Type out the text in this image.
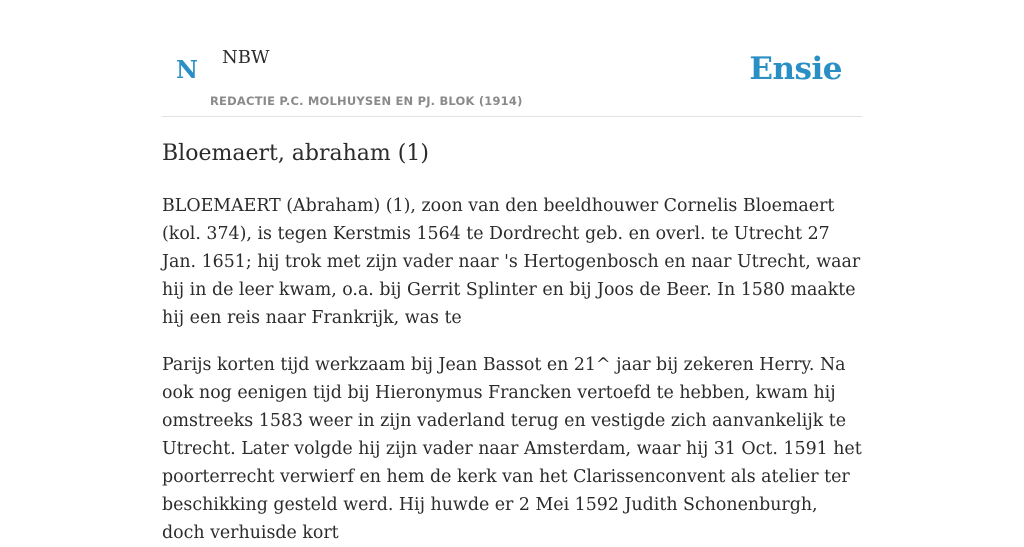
N NBW
REDACTIE P.C. MOLHUYSEN EN PJ. BLOK (1914)
Ensie
Bloemaert, abraham (1)

BLOEMAERT (Abraham) (1), zoon van den beeldhouwer Cornelis Bloemaert (kol. 374), is tegen Kerstmis 1564 te Dordrecht geb. en overl. te Utrecht 27 Jan. 1651; hij trok met zijn vader naar 's Hertogenbosch en naar Utrecht, waar hij in de leer kwam, o.a. bij Gerrit Splinter en bij Joos de Beer. In 1580 maakte hij een reis naar Frankrijk, was te

Parijs korten tijd werkzaam bij Jean Bassot en 21^ jaar bij zekeren Herry. Na ook nog eenigen tijd bij Hieronymus Francken vertoefd te hebben, kwam hij omstreeks 1583 weer in zijn vaderland terug en vestigde zich aanvankelijk te Utrecht. Later volgde hij zijn vader naar Amsterdam, waar hij 31 Oct. 1591 het poorterrecht verwierf en hem de kerk van het Clarissenconvent als atelier ter beschikking gesteld werd. Hij huwde er 2 Mei 1592 Judith Schonenburgh, doch verhuisde kort
